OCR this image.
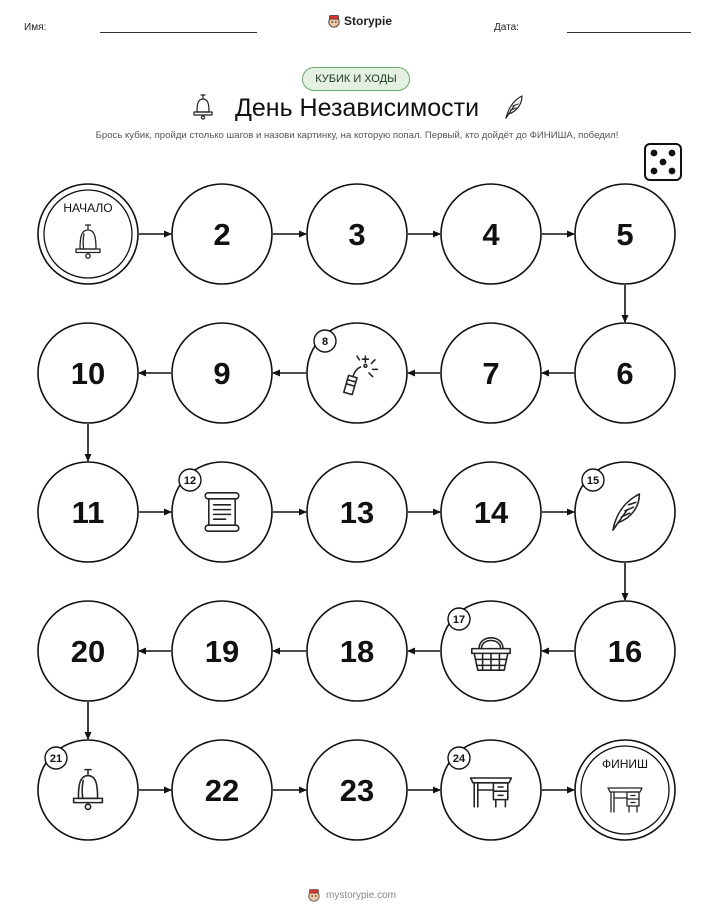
Имя:	Storypie	Дата:
КУБИК И ХОДЫ
День Независимости
Брось кубик, пройди столько шагов и назови картинку, на которую попал. Первый, кто дойдёт до ФИНИША, победил!
НАЧАЛО
2	3	4	5
6
7
8
9
10
11
12
13	14
15
16
17
18
19
20
21
22	23
24	ФИНИШ
mystorypie.com
